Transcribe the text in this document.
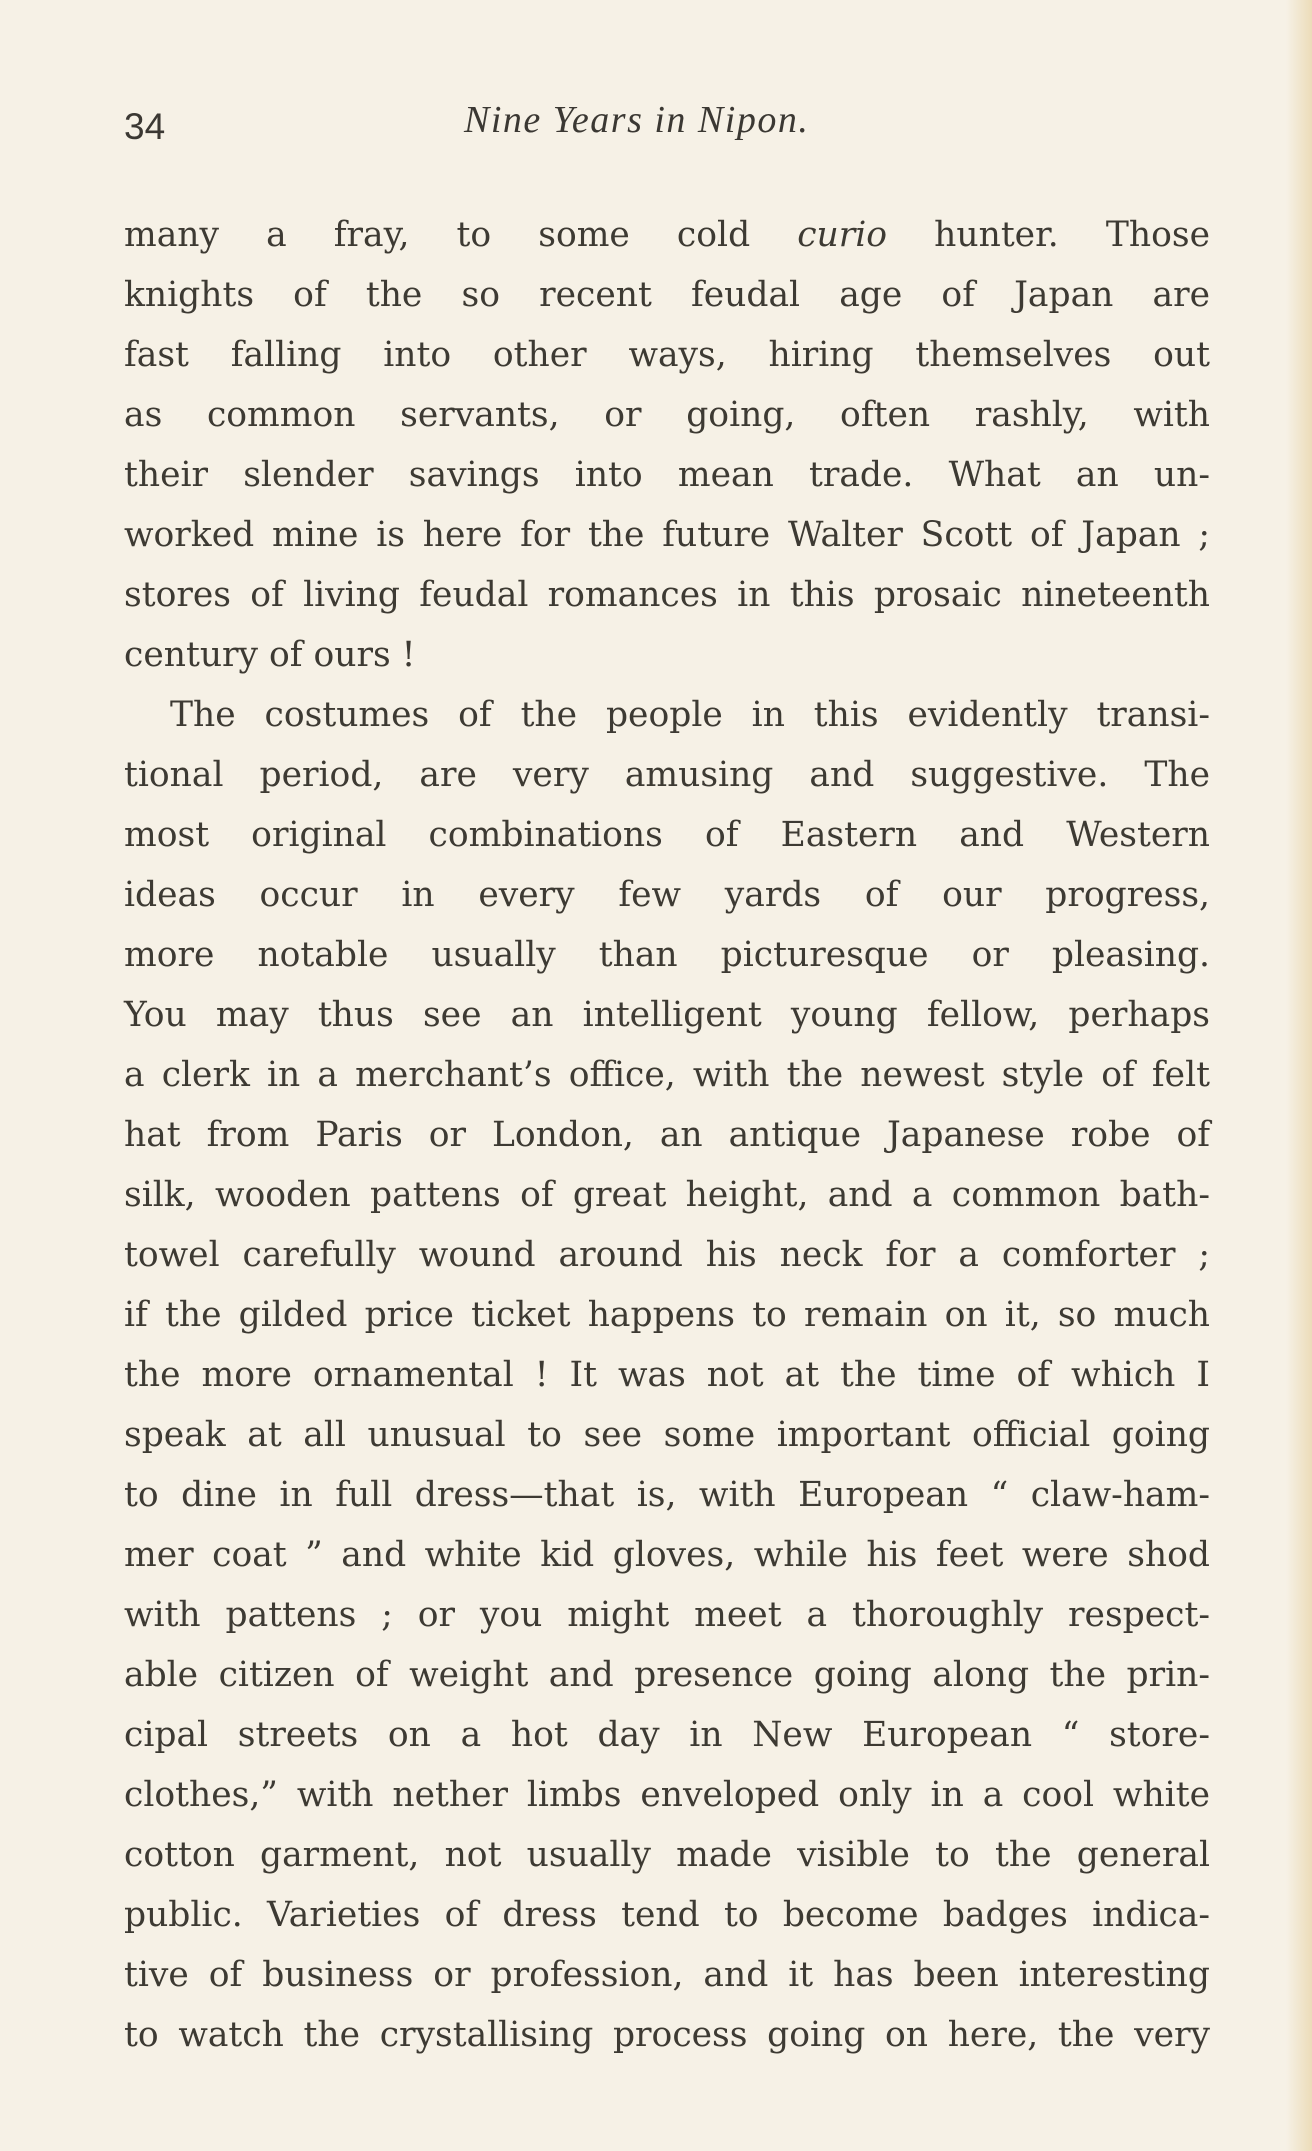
34	Nine Years in Nipon.
many a fray, to some cold curio hunter. Those
knights of the so recent feudal age of Japan are
fast falling into other ways, hiring themselves out
as common servants, or going, often rashly, with
their slender savings into mean trade. What an un-
worked mine is here for the future Walter Scott of Japan ;
stores of living feudal romances in this prosaic nineteenth
century of ours !
The costumes of the people in this evidently transi-
tional period, are very amusing and suggestive. The
most original combinations of Eastern and Western
ideas occur in every few yards of our progress,
more notable usually than picturesque or pleasing.
You may thus see an intelligent young fellow, perhaps
a clerk in a merchant’s office, with the newest style of felt
hat from Paris or London, an antique Japanese robe of
silk, wooden pattens of great height, and a common bath-
towel carefully wound around his neck for a comforter ;
if the gilded price ticket happens to remain on it, so much
the more ornamental ! It was not at the time of which I
speak at all unusual to see some important official going
to dine in full dress—that is, with European “ claw-ham-
mer coat ” and white kid gloves, while his feet were shod
with pattens ; or you might meet a thoroughly respect-
able citizen of weight and presence going along the prin-
cipal streets on a hot day in New European “ store-
clothes,” with nether limbs enveloped only in a cool white
cotton garment, not usually made visible to the general
public. Varieties of dress tend to become badges indica-
tive of business or profession, and it has been interesting
to watch the crystallising process going on here, the very
